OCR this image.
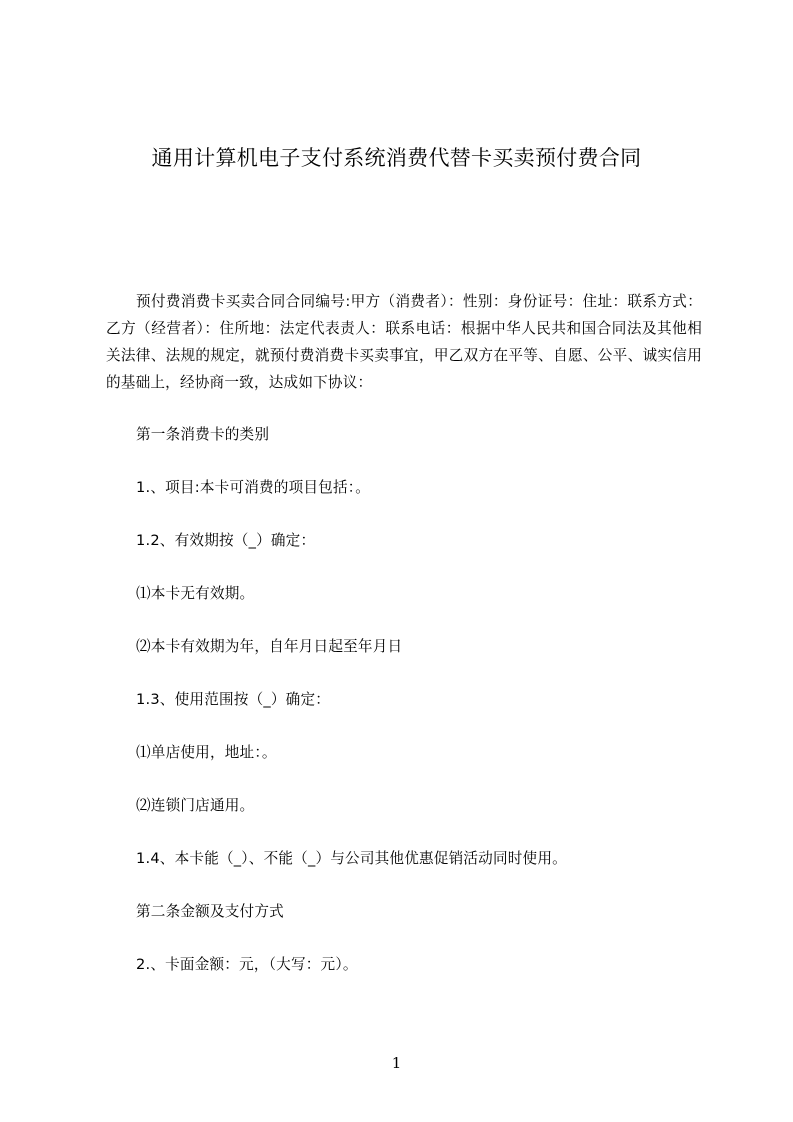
通用计算机电子支付系统消费代替卡买卖预付费合同
预付费消费卡买卖合同合同编号:甲方（消费者）：性别：身份证号：住址：联系方式：乙方（经营者）：住所地：法定代表责人：联系电话：根据中华人民共和国合同法及其他相关法律、法规的规定，就预付费消费卡买卖事宜，甲乙双方在平等、自愿、公平、诚实信用的基础上，经协商一致，达成如下协议：
第一条消费卡的类别
1.、项目:本卡可消费的项目包括：。
1.2、有效期按（_）确定：
⑴本卡无有效期。
⑵本卡有效期为年，自年月日起至年月日
1.3、使用范围按（_）确定：
⑴单店使用，地址：。
⑵连锁门店通用。
1.4、本卡能（_）、不能（_）与公司其他优惠促销活动同时使用。
第二条金额及支付方式
2.、卡面金额：元，（大写：元）。
1
